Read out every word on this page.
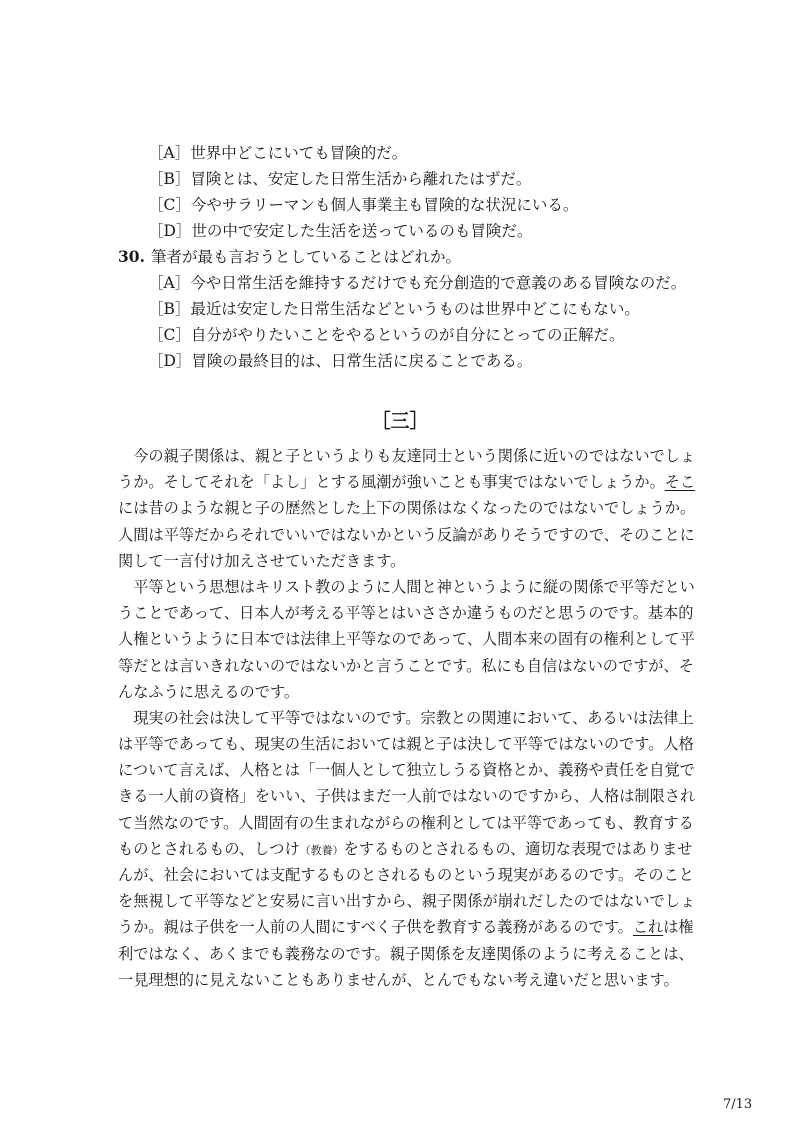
［A］世界中どこにいても冒険的だ。
［B］冒険とは、安定した日常生活から離れたはずだ。
［C］今やサラリーマンも個人事業主も冒険的な状況にいる。
［D］世の中で安定した生活を送っているのも冒険だ。
30. 筆者が最も言おうとしていることはどれか。
［A］今や日常生活を維持するだけでも充分創造的で意義のある冒険なのだ。
［B］最近は安定した日常生活などというものは世界中どこにもない。
［C］自分がやりたいことをやるというのが自分にとっての正解だ。
［D］冒険の最終目的は、日常生活に戻ることである。
［三］
　今の親子関係は、親と子というよりも友達同士という関係に近いのではないでしょ
うか。そしてそれを「よし」とする風潮が強いことも事実ではないでしょうか。そこ
には昔のような親と子の歴然とした上下の関係はなくなったのではないでしょうか。
人間は平等だからそれでいいではないかという反論がありそうですので、そのことに
関して一言付け加えさせていただきます。
　平等という思想はキリスト教のように人間と神というように縦の関係で平等だとい
うことであって、日本人が考える平等とはいささか違うものだと思うのです。基本的
人権というように日本では法律上平等なのであって、人間本来の固有の権利として平
等だとは言いきれないのではないかと言うことです。私にも自信はないのですが、そ
んなふうに思えるのです。
　現実の社会は決して平等ではないのです。宗教との関連において、あるいは法律上
は平等であっても、現実の生活においては親と子は決して平等ではないのです。人格
について言えば、人格とは「一個人として独立しうる資格とか、義務や責任を自覚で
きる一人前の資格」をいい、子供はまだ一人前ではないのですから、人格は制限され
て当然なのです。人間固有の生まれながらの権利としては平等であっても、教育する
ものとされるもの、しつけ（教養）をするものとされるもの、適切な表現ではありませ
んが、社会においては支配するものとされるものという現実があるのです。そのこと
を無視して平等などと安易に言い出すから、親子関係が崩れだしたのではないでしょ
うか。親は子供を一人前の人間にすべく子供を教育する義務があるのです。これは権
利ではなく、あくまでも義務なのです。親子関係を友達関係のように考えることは、
一見理想的に見えないこともありませんが、とんでもない考え違いだと思います。
7/13
